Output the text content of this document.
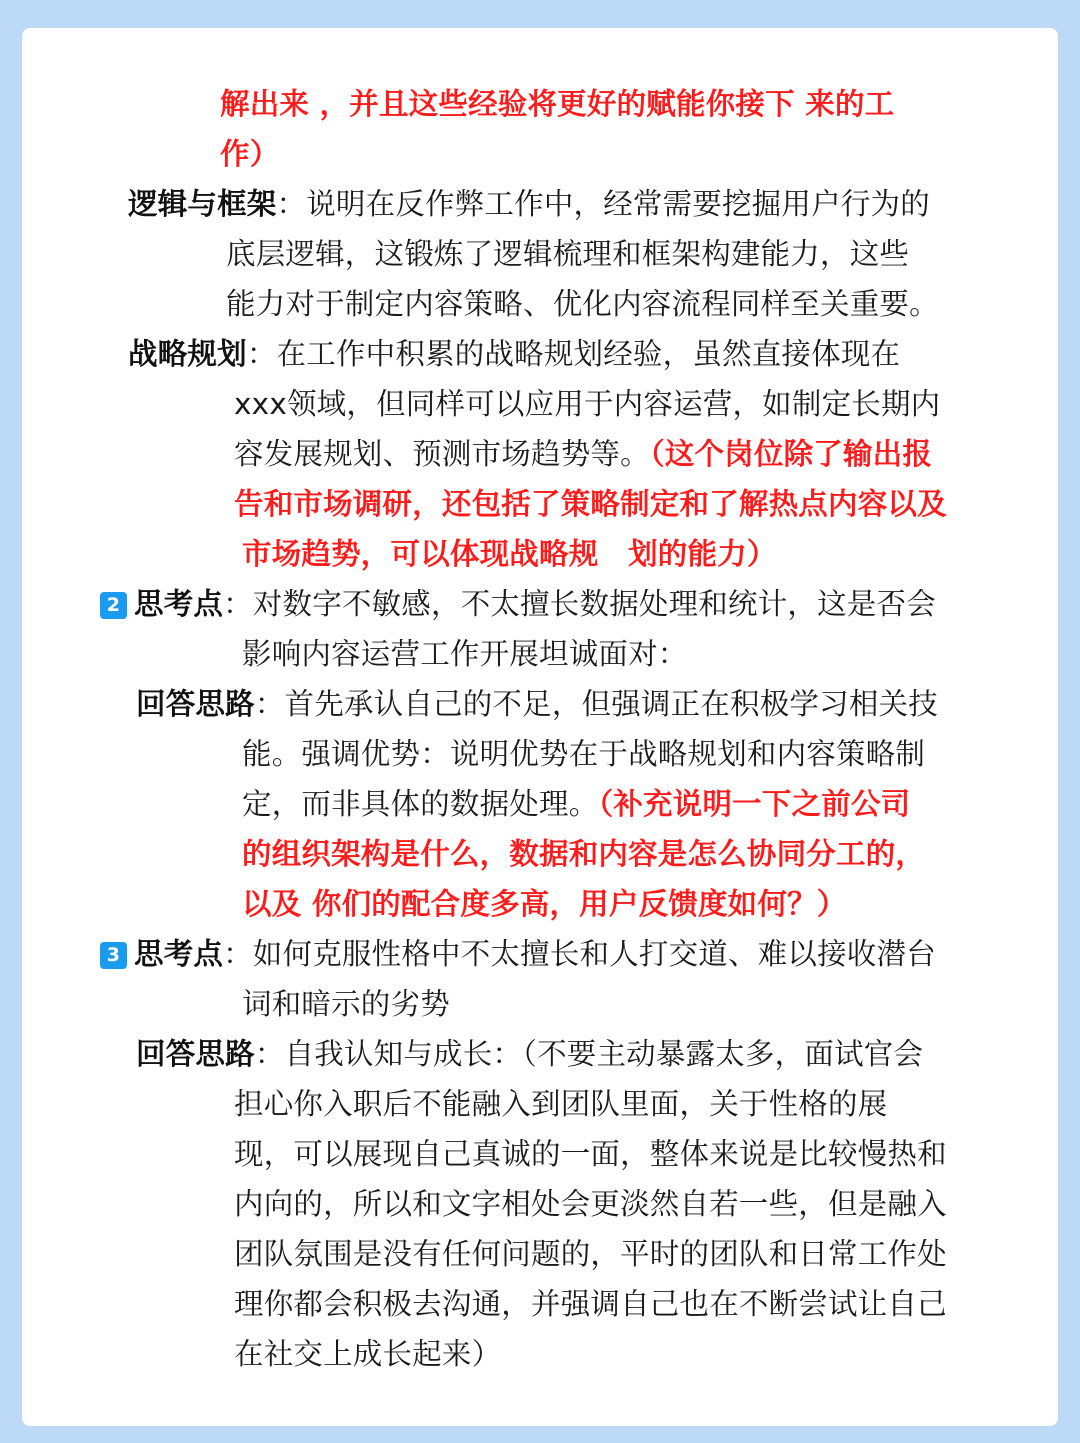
解出来 ，并且这些经验将更好的赋能你接下 来的工
作）
逻辑与框架：说明在反作弊工作中，经常需要挖掘用户行为的
底层逻辑，这锻炼了逻辑梳理和框架构建能力，这些
能力对于制定内容策略、优化内容流程同样至关重要。
战略规划：在工作中积累的战略规划经验，虽然直接体现在
xxx领域，但同样可以应用于内容运营，如制定长期内
容发展规划、预测市场趋势等。（这个岗位除了输出报
告和市场调研，还包括了策略制定和了解热点内容以及
市场趋势，可以体现战略规　划的能力）
2 思考点：对数字不敏感，不太擅长数据处理和统计，这是否会
影响内容运营工作开展坦诚面对：
回答思路：首先承认自己的不足，但强调正在积极学习相关技
能。强调优势：说明优势在于战略规划和内容策略制
定，而非具体的数据处理。（补充说明一下之前公司
的组织架构是什么，数据和内容是怎么协同分工的，
以及 你们的配合度多高，用户反馈度如何？）
3 思考点：如何克服性格中不太擅长和人打交道、难以接收潜台
词和暗示的劣势
回答思路：自我认知与成长：（不要主动暴露太多，面试官会
担心你入职后不能融入到团队里面，关于性格的展
现，可以展现自己真诚的一面，整体来说是比较慢热和
内向的，所以和文字相处会更淡然自若一些，但是融入
团队氛围是没有任何问题的，平时的团队和日常工作处
理你都会积极去沟通，并强调自己也在不断尝试让自己
在社交上成长起来）
